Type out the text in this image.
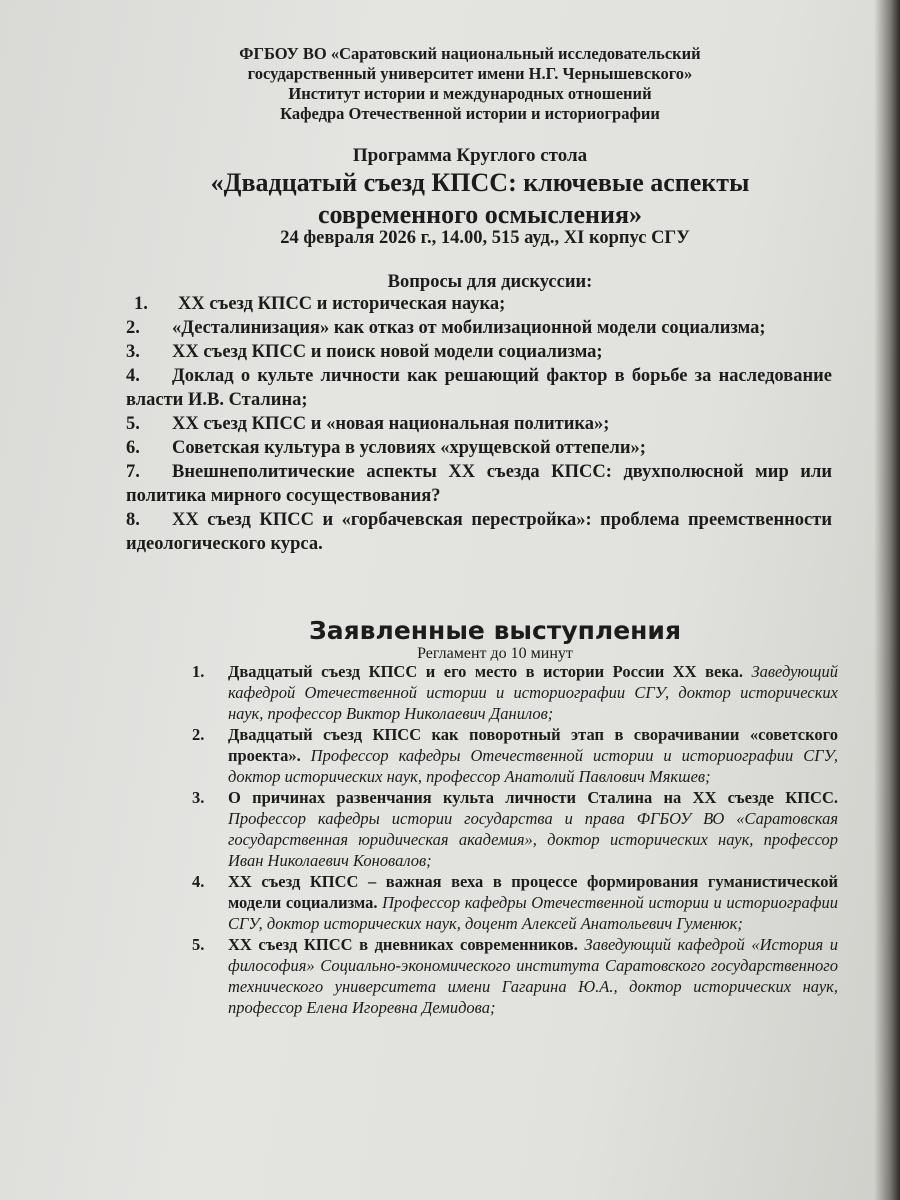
ФГБОУ ВО «Саратовский национальный исследовательский
государственный университет имени Н.Г. Чернышевского»
Институт истории и международных отношений
Кафедра Отечественной истории и историографии
Программа Круглого стола
«Двадцатый съезд КПСС: ключевые аспекты
современного осмысления»
24 февраля 2026 г., 14.00, 515 ауд., XI корпус СГУ
Вопросы для дискуссии:
1. XX съезд КПСС и историческая наука;
2. «Десталинизация» как отказ от мобилизационной модели социализма;
3. XX съезд КПСС и поиск новой модели социализма;
4. Доклад о культе личности как решающий фактор в борьбе за наследование власти И.В. Сталина;
5. XX съезд КПСС и «новая национальная политика»;
6. Советская культура в условиях «хрущевской оттепели»;
7. Внешнеполитические аспекты XX съезда КПСС: двухполюсной мир или политика мирного сосуществования?
8. XX съезд КПСС и «горбачевская перестройка»: проблема преемственности идеологического курса.
Заявленные выступления
Регламент до 10 минут
1.	Двадцатый съезд КПСС и его место в истории России XX века. Заведующий кафедрой Отечественной истории и историографии СГУ, доктор исторических наук, профессор Виктор Николаевич Данилов;
2.	Двадцатый съезд КПСС как поворотный этап в сворачивании «советского проекта». Профессор кафедры Отечественной истории и историографии СГУ, доктор исторических наук, профессор Анатолий Павлович Мякшев;
3.	О причинах развенчания культа личности Сталина на XX съезде КПСС. Профессор кафедры истории государства и права ФГБОУ ВО «Саратовская государственная юридическая академия», доктор исторических наук, профессор Иван Николаевич Коновалов;
4.	XX съезд КПСС – важная веха в процессе формирования гуманистической модели социализма. Профессор кафедры Отечественной истории и историографии СГУ, доктор исторических наук, доцент Алексей Анатольевич Гуменюк;
5.	XX съезд КПСС в дневниках современников. Заведующий кафедрой «История и философия» Социально-экономического института Саратовского государственного технического университета имени Гагарина Ю.А., доктор исторических наук, профессор Елена Игоревна Демидова;
